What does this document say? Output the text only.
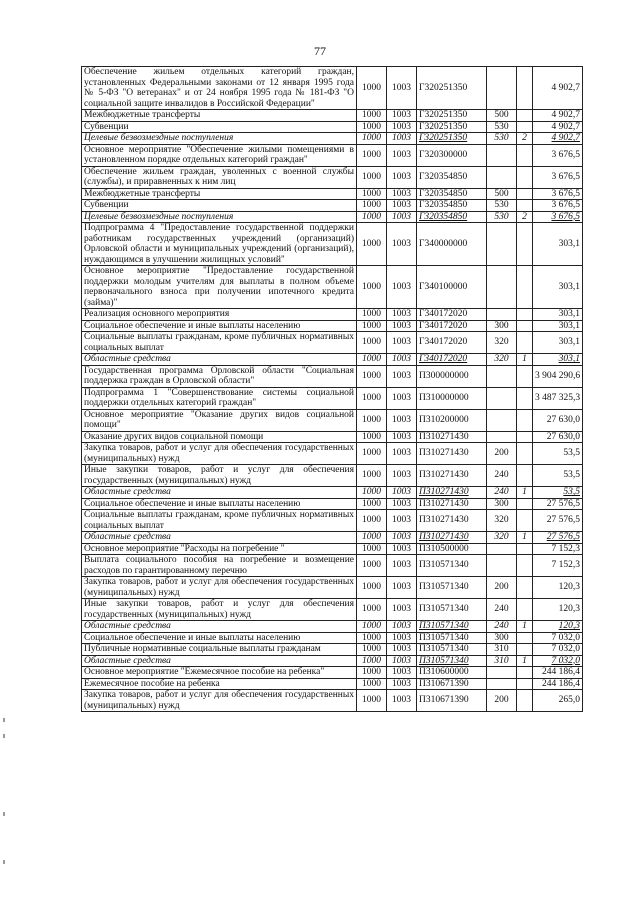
77
Обеспечение жильем отдельных категорий граждан, установленных Федеральными законами от 12 января 1995 года № 5-ФЗ "О ветеранах" и от 24 ноября 1995 года № 181-ФЗ "О социальной защите инвалидов в Российской Федерации"	1000	1003	Г320251350			4 902,7
Межбюджетные трансферты	1000	1003	Г320251350	500		4 902,7
Субвенции	1000	1003	Г320251350	530		4 902,7
Целевые безвозмездные поступления	1000	1003	Г320251350	530	2	4 902,7
Основное мероприятие "Обеспечение жилыми помещениями в установленном порядке отдельных категорий граждан"	1000	1003	Г320300000			3 676,5
Обеспечение жильем граждан, уволенных с военной службы (службы), и приравненных к ним лиц	1000	1003	Г320354850			3 676,5
Межбюджетные трансферты	1000	1003	Г320354850	500		3 676,5
Субвенции	1000	1003	Г320354850	530		3 676,5
Целевые безвозмездные поступления	1000	1003	Г320354850	530	2	3 676,5
Подпрограмма 4 "Предоставление государственной поддержки работникам государственных учреждений (организаций) Орловской области и муниципальных учреждений (организаций), нуждающимся в улучшении жилищных условий"	1000	1003	Г340000000			303,1
Основное мероприятие "Предоставление государственной поддержки молодым учителям для выплаты в полном объеме первоначального взноса при получении ипотечного кредита (займа)"	1000	1003	Г340100000			303,1
Реализация основного мероприятия	1000	1003	Г340172020			303,1
Социальное обеспечение и иные выплаты населению	1000	1003	Г340172020	300		303,1
Социальные выплаты гражданам, кроме публичных нормативных социальных выплат	1000	1003	Г340172020	320		303,1
Областные средства	1000	1003	Г340172020	320	1	303,1
Государственная программа Орловской области "Социальная поддержка граждан в Орловской области"	1000	1003	П300000000			3 904 290,6
Подпрограмма 1 "Совершенствование системы социальной поддержки отдельных категорий граждан"	1000	1003	П310000000			3 487 325,3
Основное мероприятие "Оказание других видов социальной помощи"	1000	1003	П310200000			27 630,0
Оказание других видов социальной помощи	1000	1003	П310271430			27 630,0
Закупка товаров, работ и услуг для обеспечения государственных (муниципальных) нужд	1000	1003	П310271430	200		53,5
Иные закупки товаров, работ и услуг для обеспечения государственных (муниципальных) нужд	1000	1003	П310271430	240		53,5
Областные средства	1000	1003	П310271430	240	1	53,5
Социальное обеспечение и иные выплаты населению	1000	1003	П310271430	300		27 576,5
Социальные выплаты гражданам, кроме публичных нормативных социальных выплат	1000	1003	П310271430	320		27 576,5
Областные средства	1000	1003	П310271430	320	1	27 576,5
Основное мероприятие "Расходы на погребение "	1000	1003	П310500000			7 152,3
Выплата социального пособия на погребение и возмещение расходов по гарантированному перечню	1000	1003	П310571340			7 152,3
Закупка товаров, работ и услуг для обеспечения государственных (муниципальных) нужд	1000	1003	П310571340	200		120,3
Иные закупки товаров, работ и услуг для обеспечения государственных (муниципальных) нужд	1000	1003	П310571340	240		120,3
Областные средства	1000	1003	П310571340	240	1	120,3
Социальное обеспечение и иные выплаты населению	1000	1003	П310571340	300		7 032,0
Публичные нормативные социальные выплаты гражданам	1000	1003	П310571340	310		7 032,0
Областные средства	1000	1003	П310571340	310	1	7 032,0
Основное мероприятие "Ежемесячное пособие на ребенка"	1000	1003	П310600000			244 186,4
Ежемесячное пособие на ребенка	1000	1003	П310671390			244 186,4
Закупка товаров, работ и услуг для обеспечения государственных (муниципальных) нужд	1000	1003	П310671390	200		265,0
